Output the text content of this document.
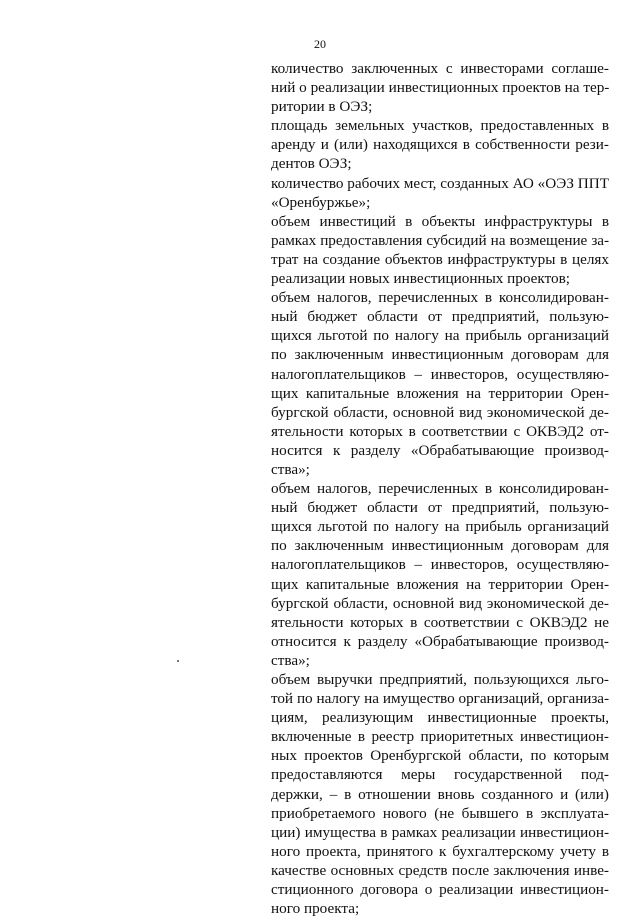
20

количество заключенных с инвесторами соглаше-
ний о реализации инвестиционных проектов на тер-
ритории в ОЭЗ;

площадь земельных участков, предоставленных в
аренду и (или) находящихся в собственности рези-
дентов ОЭЗ;

количество рабочих мест, созданных АО «ОЭЗ ППТ
«Оренбуржье»;

объем инвестиций в объекты инфраструктуры в
рамках предоставления субсидий на возмещение за-
трат на создание объектов инфраструктуры в целях
реализации новых инвестиционных проектов;

объем налогов, перечисленных в консолидирован-
ный бюджет области от предприятий, пользую-
щихся льготой по налогу на прибыль организаций
по заключенным инвестиционным договорам для
налогоплательщиков – инвесторов, осуществляю-
щих капитальные вложения на территории Орен-
бургской области, основной вид экономической де-
ятельности которых в соответствии с ОКВЭД2 от-
носится к разделу «Обрабатывающие производ-
ства»;

объем налогов, перечисленных в консолидирован-
ный бюджет области от предприятий, пользую-
щихся льготой по налогу на прибыль организаций
по заключенным инвестиционным договорам для
налогоплательщиков – инвесторов, осуществляю-
щих капитальные вложения на территории Орен-
бургской области, основной вид экономической де-
ятельности которых в соответствии с ОКВЭД2 не
относится к разделу «Обрабатывающие производ-
ства»;

объем выручки предприятий, пользующихся льго-
той по налогу на имущество организаций, организа-
циям, реализующим инвестиционные проекты,
включенные в реестр приоритетных инвестицион-
ных проектов Оренбургской области, по которым
предоставляются меры государственной под-
держки, – в отношении вновь созданного и (или)
приобретаемого нового (не бывшего в эксплуата-
ции) имущества в рамках реализации инвестицион-
ного проекта, принятого к бухгалтерскому учету в
качестве основных средств после заключения инве-
стиционного договора о реализации инвестицион-
ного проекта;
